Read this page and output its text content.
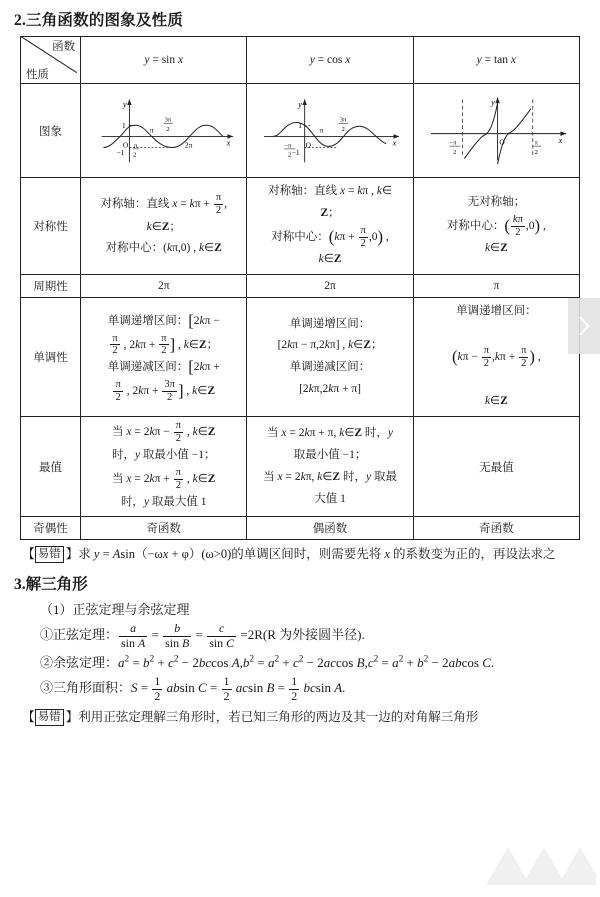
2.三角函数的图象及性质
函数
性质	y = sin x	y = cos x	y = tan x
图象	
y
x
O
1
−1
π
2
π
3π
2
2π

y
x
O
1
−1
−π
2
π
3π
2

y
x
O
−π
2
π
2

对称性	对称轴：直线 $x = k\pi + \frac{\pi}{2}$ ,
k∈Z；
对称中心：(kπ,0) , k∈Z	对称轴：直线 x = kπ , k∈
Z；
对称中心：$(k\pi + \frac{\pi}{2} ,0)$ ,
k∈Z	无对称轴；
对称中心：( $\frac{k\pi}{2} ,0$) ,
k∈Z
周期性	2π	2π	π
单调性	单调递增区间：[2kπ −

$\frac{\pi}{2}$ , $2k\pi + \frac{\pi}{2}$ ] , k∈Z；
单调递减区间：[2kπ +

$\frac{\pi}{2}$ , $2k\pi + \frac{3\pi}{2}$ ] , k∈Z	单调递增区间：
[2kπ − π,2kπ] , k∈Z；
单调递减区间：
[2kπ,2kπ + π]	单调递增区间：

($k\pi - \frac{\pi}{2} ,k\pi + \frac{\pi}{2}$ ) ,

k∈Z
最值	当 $x = 2k\pi - \frac{\pi}{2}$ , k∈Z
时，y 取最小值 −1；
当 $x = 2k\pi + \frac{\pi}{2}$ , k∈Z
时，y 取最大值 1	当 x = 2kπ + π, k∈Z 时，y
取最小值 −1；
当 x = 2kπ, k∈Z 时，y 取最
大值 1	无最值
奇偶性	奇函数	偶函数	奇函数
　【 易错 】求 y = Asin（−ωx + φ）(ω>0)的单调区间时，则需要先将 x 的系数变为正的，再设法求之
3.解三角形
（1）正弦定理与余弦定理
①正弦定理： $\frac{a}{\text{sin A}} = \frac{b}{\text{sin B}} = \frac{c}{\text{sin C}} =2R(R$ 为外接圆半径).
②余弦定理：$a^2 = b^2 + c^2 - 2bccos$ $A,b^2 = a^2 + c^2 - 2accos$ $B,c^2 = a^2 + b^2 - 2abcos$ C.
③三角形面积：$S = \frac{1}{2}$ absin $C = \frac{1}{2}$ acsin $B = \frac{1}{2}$ bcsin A.
　【 易错 】利用正弦定理解三角形时，若已知三角形的两边及其一边的对角解三角形
